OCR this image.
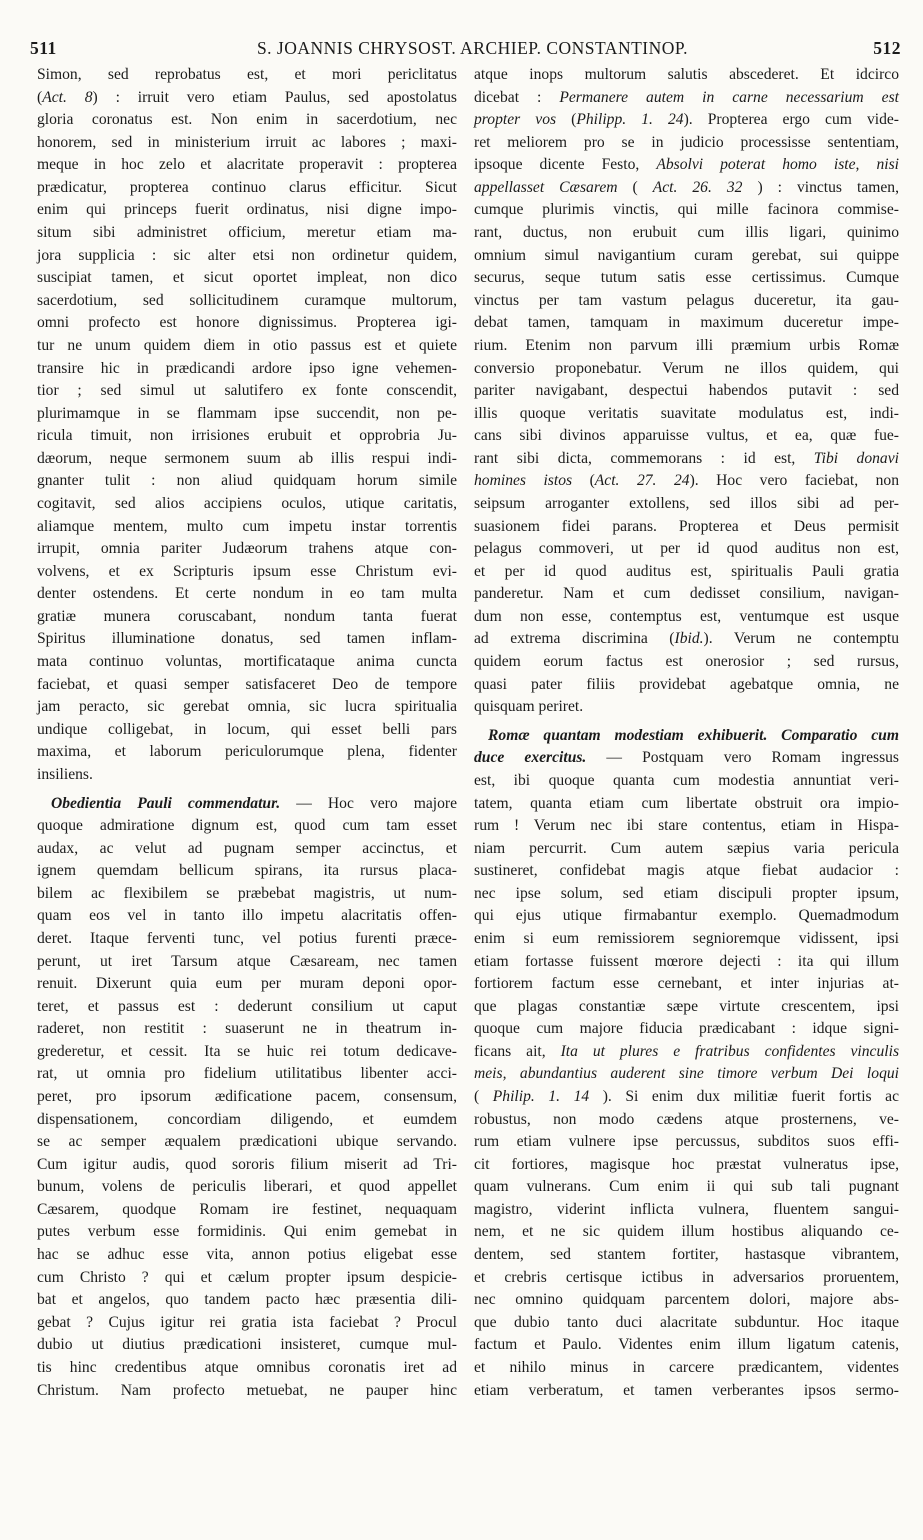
511	S. JOANNIS CHRYSOST. ARCHIEP. CONSTANTINOP.	512
Simon, sed reprobatus est, et mori periclitatus
(Act. 8) : irruit vero etiam Paulus, sed apostolatus
gloria coronatus est. Non enim in sacerdotium, nec
honorem, sed in ministerium irruit ac labores ; maxi-
meque in hoc zelo et alacritate properavit : propterea
prædicatur, propterea continuo clarus efficitur. Sicut
enim qui princeps fuerit ordinatus, nisi digne impo-
situm sibi administret officium, meretur etiam ma-
jora supplicia : sic alter etsi non ordinetur quidem,
suscipiat tamen, et sicut oportet impleat, non dico
sacerdotium, sed sollicitudinem curamque multorum,
omni profecto est honore dignissimus. Propterea igi-
tur ne unum quidem diem in otio passus est et quiete
transire hic in prædicandi ardore ipso igne vehemen-
tior ; sed simul ut salutifero ex fonte conscendit,
plurimamque in se flammam ipse succendit, non pe-
ricula timuit, non irrisiones erubuit et opprobria Ju-
dæorum, neque sermonem suum ab illis respui indi-
gnanter tulit : non aliud quidquam horum simile
cogitavit, sed alios accipiens oculos, utique caritatis,
aliamque mentem, multo cum impetu instar torrentis
irrupit, omnia pariter Judæorum trahens atque con-
volvens, et ex Scripturis ipsum esse Christum evi-
denter ostendens. Et certe nondum in eo tam multa
gratiæ munera coruscabant, nondum tanta fuerat
Spiritus illuminatione donatus, sed tamen inflam-
mata continuo voluntas, mortificataque anima cuncta
faciebat, et quasi semper satisfaceret Deo de tempore
jam peracto, sic gerebat omnia, sic lucra spiritualia
undique colligebat, in locum, qui esset belli pars
maxima, et laborum periculorumque plena, fidenter
insiliens.
Obedientia Pauli commendatur. — Hoc vero majore
quoque admiratione dignum est, quod cum tam esset
audax, ac velut ad pugnam semper accinctus, et
ignem quemdam bellicum spirans, ita rursus placa-
bilem ac flexibilem se præbebat magistris, ut num-
quam eos vel in tanto illo impetu alacritatis offen-
deret. Itaque ferventi tunc, vel potius furenti præce-
perunt, ut iret Tarsum atque Cæsaream, nec tamen
renuit. Dixerunt quia eum per muram deponi opor-
teret, et passus est : dederunt consilium ut caput
raderet, non restitit : suaserunt ne in theatrum in-
grederetur, et cessit. Ita se huic rei totum dedicave-
rat, ut omnia pro fidelium utilitatibus libenter acci-
peret, pro ipsorum ædificatione pacem, consensum,
dispensationem, concordiam diligendo, et eumdem
se ac semper æqualem prædicationi ubique servando.
Cum igitur audis, quod sororis filium miserit ad Tri-
bunum, volens de periculis liberari, et quod appellet
Cæsarem, quodque Romam ire festinet, nequaquam
putes verbum esse formidinis. Qui enim gemebat in
hac se adhuc esse vita, annon potius eligebat esse
cum Christo ? qui et cælum propter ipsum despicie-
bat et angelos, quo tandem pacto hæc præsentia dili-
gebat ? Cujus igitur rei gratia ista faciebat ? Procul
dubio ut diutius prædicationi insisteret, cumque mul-
tis hinc credentibus atque omnibus coronatis iret ad
Christum. Nam profecto metuebat, ne pauper hinc
atque inops multorum salutis abscederet. Et idcirco
dicebat : Permanere autem in carne necessarium est
propter vos (Philipp. 1. 24). Propterea ergo cum vide-
ret meliorem pro se in judicio processisse sententiam,
ipsoque dicente Festo, Absolvi poterat homo iste, nisi
appellasset Cæsarem ( Act. 26. 32 ) : vinctus tamen,
cumque plurimis vinctis, qui mille facinora commise-
rant, ductus, non erubuit cum illis ligari, quinimo
omnium simul navigantium curam gerebat, sui quippe
securus, seque tutum satis esse certissimus. Cumque
vinctus per tam vastum pelagus duceretur, ita gau-
debat tamen, tamquam in maximum duceretur impe-
rium. Etenim non parvum illi præmium urbis Romæ
conversio proponebatur. Verum ne illos quidem, qui
pariter navigabant, despectui habendos putavit : sed
illis quoque veritatis suavitate modulatus est, indi-
cans sibi divinos apparuisse vultus, et ea, quæ fue-
rant sibi dicta, commemorans : id est, Tibi donavi
homines istos (Act. 27. 24). Hoc vero faciebat, non
seipsum arroganter extollens, sed illos sibi ad per-
suasionem fidei parans. Propterea et Deus permisit
pelagus commoveri, ut per id quod auditus non est,
et per id quod auditus est, spiritualis Pauli gratia
panderetur. Nam et cum dedisset consilium, navigan-
dum non esse, contemptus est, ventumque est usque
ad extrema discrimina (Ibid.). Verum ne contemptu
quidem eorum factus est onerosior ; sed rursus,
quasi pater filiis providebat agebatque omnia, ne
quisquam periret.
Romæ quantam modestiam exhibuerit. Comparatio cum
duce exercitus. — Postquam vero Romam ingressus
est, ibi quoque quanta cum modestia annuntiat veri-
tatem, quanta etiam cum libertate obstruit ora impio-
rum ! Verum nec ibi stare contentus, etiam in Hispa-
niam percurrit. Cum autem sæpius varia pericula
sustineret, confidebat magis atque fiebat audacior :
nec ipse solum, sed etiam discipuli propter ipsum,
qui ejus utique firmabantur exemplo. Quemadmodum
enim si eum remissiorem segnioremque vidissent, ipsi
etiam fortasse fuissent mœrore dejecti : ita qui illum
fortiorem factum esse cernebant, et inter injurias at-
que plagas constantiæ sæpe virtute crescentem, ipsi
quoque cum majore fiducia prædicabant : idque signi-
ficans ait, Ita ut plures e fratribus confidentes vinculis
meis, abundantius auderent sine timore verbum Dei loqui
( Philip. 1. 14 ). Si enim dux militiæ fuerit fortis ac
robustus, non modo cædens atque prosternens, ve-
rum etiam vulnere ipse percussus, subditos suos effi-
cit fortiores, magisque hoc præstat vulneratus ipse,
quam vulnerans. Cum enim ii qui sub tali pugnant
magistro, viderint inflicta vulnera, fluentem sangui-
nem, et ne sic quidem illum hostibus aliquando ce-
dentem, sed stantem fortiter, hastasque vibrantem,
et crebris certisque ictibus in adversarios proruentem,
nec omnino quidquam parcentem dolori, majore abs-
que dubio tanto duci alacritate subduntur. Hoc itaque
factum et Paulo. Videntes enim illum ligatum catenis,
et nihilo minus in carcere prædicantem, videntes
etiam verberatum, et tamen verberantes ipsos sermo-
